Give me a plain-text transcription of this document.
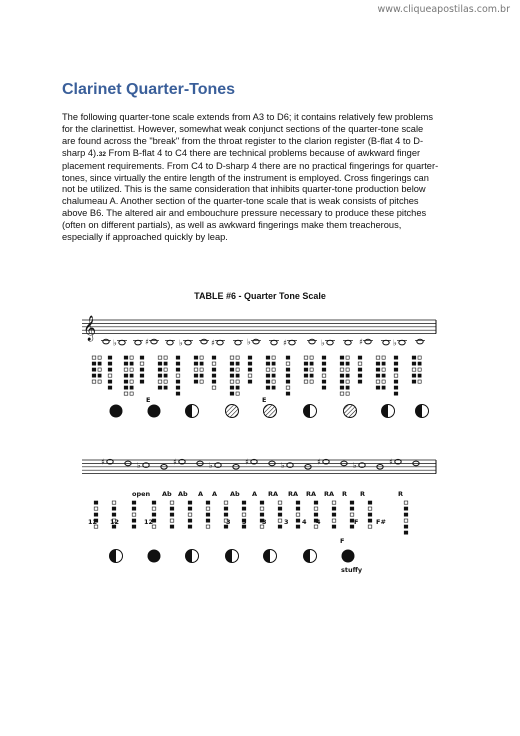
www.cliqueapostilas.com.br
Clarinet Quarter-Tones

The following quarter-tone scale extends from A3 to D6; it contains relatively few problems
for the clarinettist. However, somewhat weak conjunct sections of the quarter-tone scale
are found across the "break" from the throat register to the clarion register (B-flat 4 to D-
sharp 4).32 From B-flat 4 to C4 there are technical problems because of awkward finger
placement requirements. From C4 to D-sharp 4 there are no practical fingerings for quarter-
tones, since virtually the entire length of the instrument is employed. Cross fingerings can
not be utilized. This is the same consideration that inhibits quarter-tone production below
chalumeau A. Another section of the quarter-tone scale that is weak consists of pitches
above B6. The altered air and embouchure pressure necessary to produce these pitches
(often on different partials), as well as awkward fingerings make them treacherous,
especially if approached quickly by leap.

TABLE #6 - Quarter Tone Scale
𝄞
♭	♯	♭	♯	♭	♯	♭	♯	♭
♯	♭	♯	♭	♯	♭	♯	♭	♯
E	E
open Ab Ab A A Ab A RA RA RA RA R R	R
12 12	12	3 3 3	3 4 4	F	F#
F
stuffy
